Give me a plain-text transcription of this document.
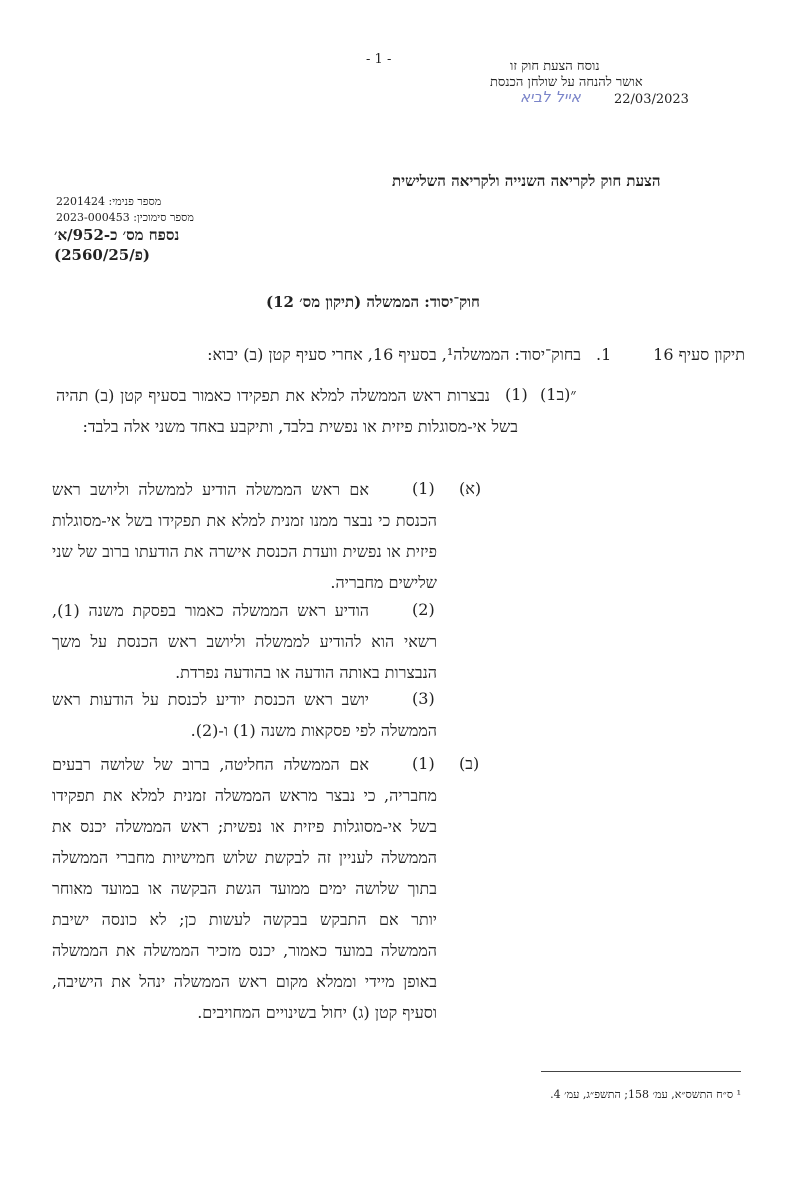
- 1 -	נוסח הצעת חוק זו
אושר להנחה על שולחן הכנסת
22/03/2023
אייל לביא
הצעת חוק לקריאה השנייה ולקריאה השלישית
מספר פנימי: 2201424
מספר סימוכין: 2023-000453
נספח מס׳ כ-952/א׳
(פ/2560/25)
חוק־יסוד: הממשלה (תיקון מס׳ 12)
תיקון סעיף 16
1.
בחוק־יסוד: הממשלה¹, בסעיף 16, אחרי סעיף קטן (ב) יבוא:
״(ב1)
(1)
נבצרות ראש הממשלה למלא את תפקידו כאמור בסעיף קטן (ב) תהיה בשל אי-מסוגלות פיזית או נפשית בלבד, ותיקבע באחד משני אלה בלבד:
(א)
(1)
אם ראש הממשלה הודיע לממשלה וליושב ראש הכנסת כי נבצר ממנו זמנית למלא את תפקידו בשל אי-מסוגלות פיזית או נפשית וועדת הכנסת אישרה את הודעתו ברוב של שני שלישים מחבריה.
(2)
הודיע ראש הממשלה כאמור בפסקת משנה (1), רשאי הוא להודיע לממשלה וליושב ראש הכנסת על משך הנבצרות באותה הודעה או בהודעה נפרדת.
(3)
יושב ראש הכנסת יודיע לכנסת על הודעות ראש הממשלה לפי פסקאות משנה (1) ו-(2).
(ב)
(1)
אם הממשלה החליטה, ברוב של שלושה רבעים מחבריה, כי נבצר מראש הממשלה זמנית למלא את תפקידו בשל אי-מסוגלות פיזית או נפשית; ראש הממשלה יכנס את הממשלה לעניין זה לבקשת שלוש חמישיות מחברי הממשלה בתוך שלושה ימים ממועד הגשת הבקשה או במועד מאוחר יותר אם התבקש בבקשה לעשות כן; לא כונסה ישיבת הממשלה במועד כאמור, יכנס מזכיר הממשלה את הממשלה באופן מיידי וממלא מקום ראש הממשלה ינהל את הישיבה, וסעיף קטן (ג) יחול בשינויים המחויבים.
¹ ס״ח התשס״א, עמ׳ 158; התשפ״ג, עמ׳ 4.
